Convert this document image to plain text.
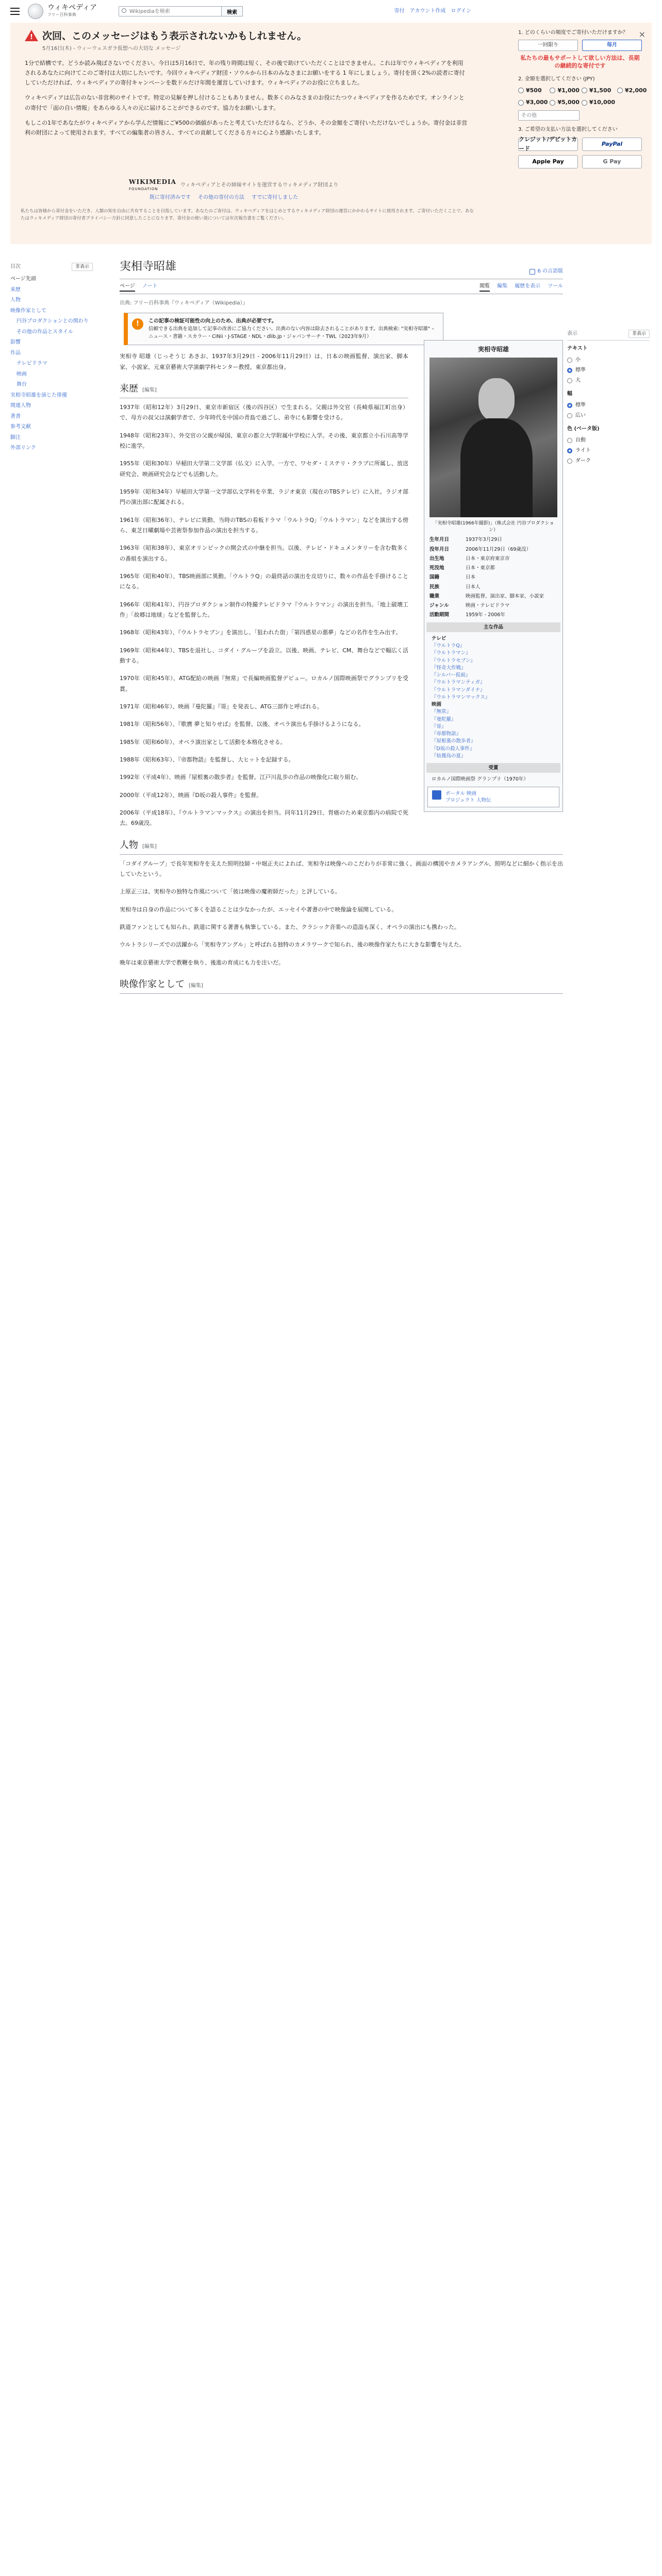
ウィキペディア
フリー百科事典
Wikipediaを検索	検索	寄付 アカウント作成 ログイン
!
次回、このメッセージはもう表示されないかもしれません。
5月16日(木) - ウィーウェスガラ仮想への大切な メッセージ

1分で結構です。どうか読み飛ばさないでください。今日は5月16日で、年の残り時間は短く、その後で助けていただくことはできません。これは年でウィキペディアを利用されるあなたに向けてこのご寄付は大切にしたいです。今回ウィキペディア財団・ソウルから日本のみなさまにお願いをする 1 年にしましょう。寄付を頂く2%の読者に寄付していただければ、ウィキペディアの寄付キャンペーンを数ドルだけ年間を運営していけます。ウィキペディアのお役に立ちました。

ウィキペディアは広告のない非営利のサイトです。特定の見解を押し付けることもありません。数多くのみなさまのお役にたつウィキペディアを作るためです。オンラインとの寄付で「面の自い情報」をあらゆる人々の元に届けることができるのです。協力をお願いします。

もしこの1年であなたがウィキペディアから学んだ情報にご¥500の価値があったと考えていただけるなら、どうか、その金額をご寄付いただけないでしょうか。寄付金は非営利の財団によって使用されます。すべての編集者の皆さん、すべての貢献してくださる方々に心より感謝いたします。

WIKIMEDIA
FOUNDATION
ウィキペディアとその姉妹サイトを運営するウィキメディア財団より
既に寄付済みです その他の寄付の方法 すでに寄付しました
私たちは皆様から寄付金をいただき、人類の知を自由に共有することを目指しています。あなたのご寄付は、ウィキペディアをはじめとするウィキメディア財団の運営にかかわるサイトに使用されます。ご寄付いただくことで、あなたはウィキメディア財団の寄付者プライバシー方針に同意したことになります。寄付金の使い道については年次報告書をご覧ください。
×
1. どのくらいの頻度でご寄付いただけますか？
一回限り	毎月
私たちの最もサポートして欲しい方法は、長期の継続的な寄付です
2. 金額を選択してください (JPY)
¥500	¥1,000 ¥1,500 ¥2,000
¥3,000 ¥5,000 ¥10,000
その他
3. ご希望の支払い方法を選択してください
クレジット/デビットカード
PayPal
Apple Pay	G Pay
目次	非表示
ページ先頭
来歴
人物
映像作家として
円谷プロダクションとの関わり
その他の作品とスタイル
影響
作品
テレビドラマ
映画
舞台
実相寺昭雄を演じた俳優
関連人物
著書
参考文献
脚注
外部リンク
表示	非表示
テキスト
小
標準
大
幅
標準
広い
色 (ベータ版)
自動
ライト
ダーク
実相寺昭雄	6 の言語版
ページ ノート	閲覧 編集 履歴を表示 ツール
出典: フリー百科事典『ウィキペディア（Wikipedia）』
!	この記事の検証可能性の向上のため、出典が必要です。
信頼できる出典を追加して記事の改善にご協力ください。出典のない内容は除去されることがあります。出典検索: "実相寺昭雄" – ニュース・書籍・スカラー・CiNii・J-STAGE・NDL・dlib.jp・ジャパンサーチ・TWL（2023年9月）
実相寺昭雄
「実相寺昭雄(1966年撮影)」（株式会社 円谷プロダクション）
生年月日	1937年3月29日
没年月日	2006年11月29日（69歳没）
出生地	日本・東京府東京市
死没地	日本・東京都
国籍	日本
民族	日本人
職業	映画監督、演出家、脚本家、小説家
ジャンル	映画・テレビドラマ
活動期間	1959年 - 2006年
主な作品
テレビ
『ウルトラQ』
『ウルトラマン』
『ウルトラセブン』
『怪奇大作戦』
『シルバー仮面』
『ウルトラマンティガ』
『ウルトラマンダイナ』
『ウルトラマンマックス』
映画
『無常』
『曼陀羅』
『哥』
『帝都物語』
『屋根裏の散歩者』
『D坂の殺人事件』
『姑獲鳥の夏』
受賞
ロカルノ国際映画祭 グランプリ（1970年）
ポータル 映画
プロジェクト 人物伝

実相寺 昭雄（じっそうじ あきお、1937年3月29日 - 2006年11月29日）は、日本の映画監督、演出家、脚本家、小説家、元東京藝術大学演劇学科センター教授。東京都出身。

来歴 [編集]

1937年（昭和12年）3月29日、東京市新宿区（後の四谷区）で生まれる。父親は外交官（長崎県福江町出身）で、母方の叔父は演劇学者で、少年時代を中国の青島で過ごし、弟寺にも影響を受ける。

1948年（昭和23年）、外交官の父親が帰国、東京の都立大学附属中学校に入学。その後、東京都立小石川高等学校に進学。

1955年（昭和30年）早稲田大学第二文学部（仏文）に入学。一方で、ワセダ・ミステリ・クラブに所属し、放送研究会、映画研究会などでも活動した。

1959年（昭和34年）早稲田大学第一文学部仏文学科を卒業、ラジオ東京（現在のTBSテレビ）に入社。ラジオ部門の演出部に配属される。

1961年（昭和36年）、テレビに異動、当時のTBSの看板ドラマ「ウルトラQ」「ウルトラマン」などを演出する傍ら、東芝日曜劇場や芸術祭参加作品の演出を担当する。

1963年（昭和38年）、東京オリンピックの開会式の中継を担当。以後、テレビ・ドキュメンタリーを含む数多くの番組を演出する。

1965年（昭和40年）、TBS映画部に異動。「ウルトラQ」の最終話の演出を皮切りに、数々の作品を手掛けることになる。

1966年（昭和41年）、円谷プロダクション制作の特撮テレビドラマ『ウルトラマン』の演出を担当。「地上破壊工作」「故郷は地球」などを監督した。

1968年（昭和43年）、『ウルトラセブン』を演出し、「狙われた街」「第四惑星の悪夢」などの名作を生み出す。

1969年（昭和44年）、TBSを退社し、コダイ・グループを設立。以後、映画、テレビ、CM、舞台などで幅広く活動する。

1970年（昭和45年）、ATG配給の映画『無常』で長編映画監督デビュー。ロカルノ国際映画祭でグランプリを受賞。

1971年（昭和46年）、映画『曼陀羅』『哥』を発表し、ATG三部作と呼ばれる。

1981年（昭和56年）、『歌麿 夢と知りせば』を監督。以後、オペラ演出も手掛けるようになる。

1985年（昭和60年）、オペラ演出家として活動を本格化させる。

1988年（昭和63年）、『帝都物語』を監督し、大ヒットを記録する。

1992年（平成4年）、映画『屋根裏の散歩者』を監督。江戸川乱歩の作品の映像化に取り組む。

2000年（平成12年）、映画『D坂の殺人事件』を監督。

2006年（平成18年）、『ウルトラマンマックス』の演出を担当。同年11月29日、胃癌のため東京都内の病院で死去。69歳没。

人物 [編集]

「コダイグループ」で長年実相寺を支えた照明技師・中堀正夫によれば、実相寺は映像へのこだわりが非常に強く、画面の構図やカメラアングル、照明などに細かく指示を出していたという。

上原正三は、実相寺の独特な作風について「彼は映像の魔術師だった」と評している。

実相寺は自身の作品について多くを語ることは少なかったが、エッセイや著書の中で映像論を展開している。

鉄道ファンとしても知られ、鉄道に関する著書も執筆している。また、クラシック音楽への造詣も深く、オペラの演出にも携わった。

ウルトラシリーズでの活躍から「実相寺アングル」と呼ばれる独特のカメラワークで知られ、後の映像作家たちに大きな影響を与えた。

晩年は東京藝術大学で教鞭を執り、後進の育成にも力を注いだ。

映像作家として [編集]
